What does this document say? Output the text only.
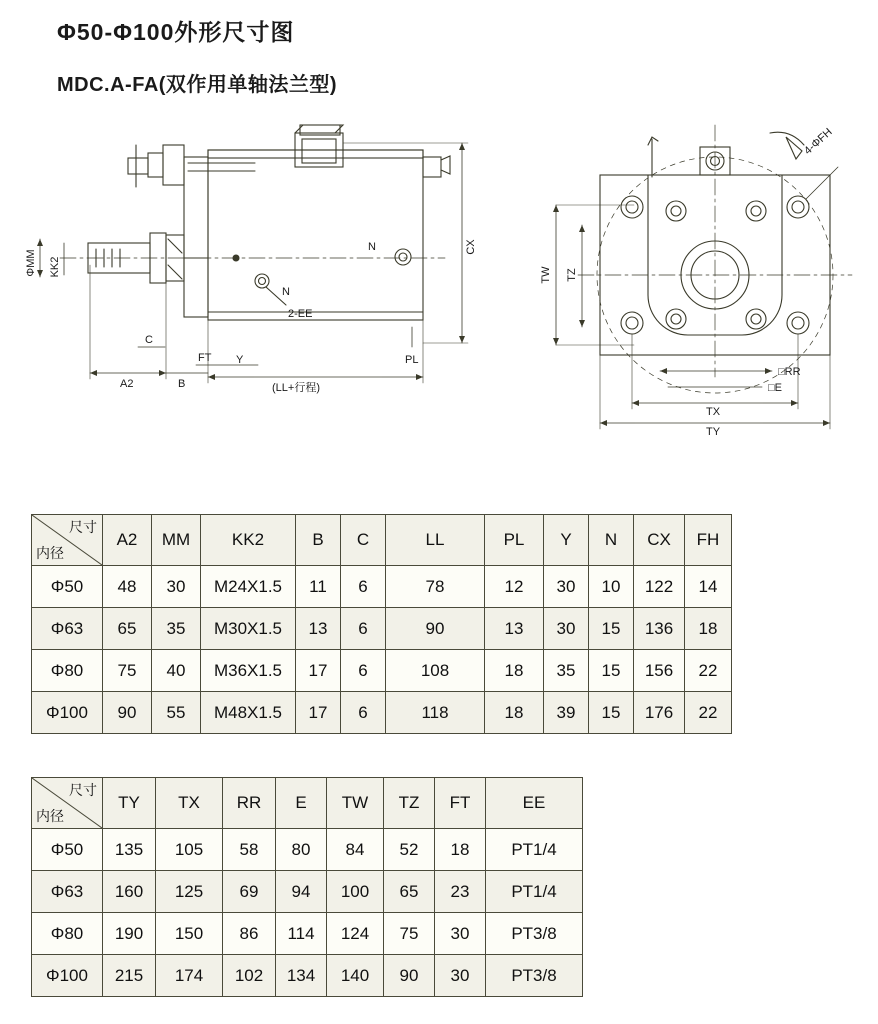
Φ50-Φ100外形尺寸图
MDC.A-FA(双作用单轴法兰型)
ΦMM KK2
C
A2	B
FT Y
(LL+行程)
PL
N
N
2-EE
CX
TW TZ
□RR
□E
TX
TY
4-ΦFH
尺寸
内径	A2	MM	KK2	B	C	LL	PL	Y	N	CX	FH
Φ50	48	30	M24X1.5	11	6	78	12	30	10	122	14
Φ63	65	35	M30X1.5	13	6	90	13	30	15	136	18
Φ80	75	40	M36X1.5	17	6	108	18	35	15	156	22
Φ100	90	55	M48X1.5	17	6	118	18	39	15	176	22
尺寸
内径	TY	TX	RR	E	TW	TZ	FT	EE
Φ50	135	105	58	80	84	52	18	PT1/4
Φ63	160	125	69	94	100	65	23	PT1/4
Φ80	190	150	86	114	124	75	30	PT3/8
Φ100	215	174	102	134	140	90	30	PT3/8
